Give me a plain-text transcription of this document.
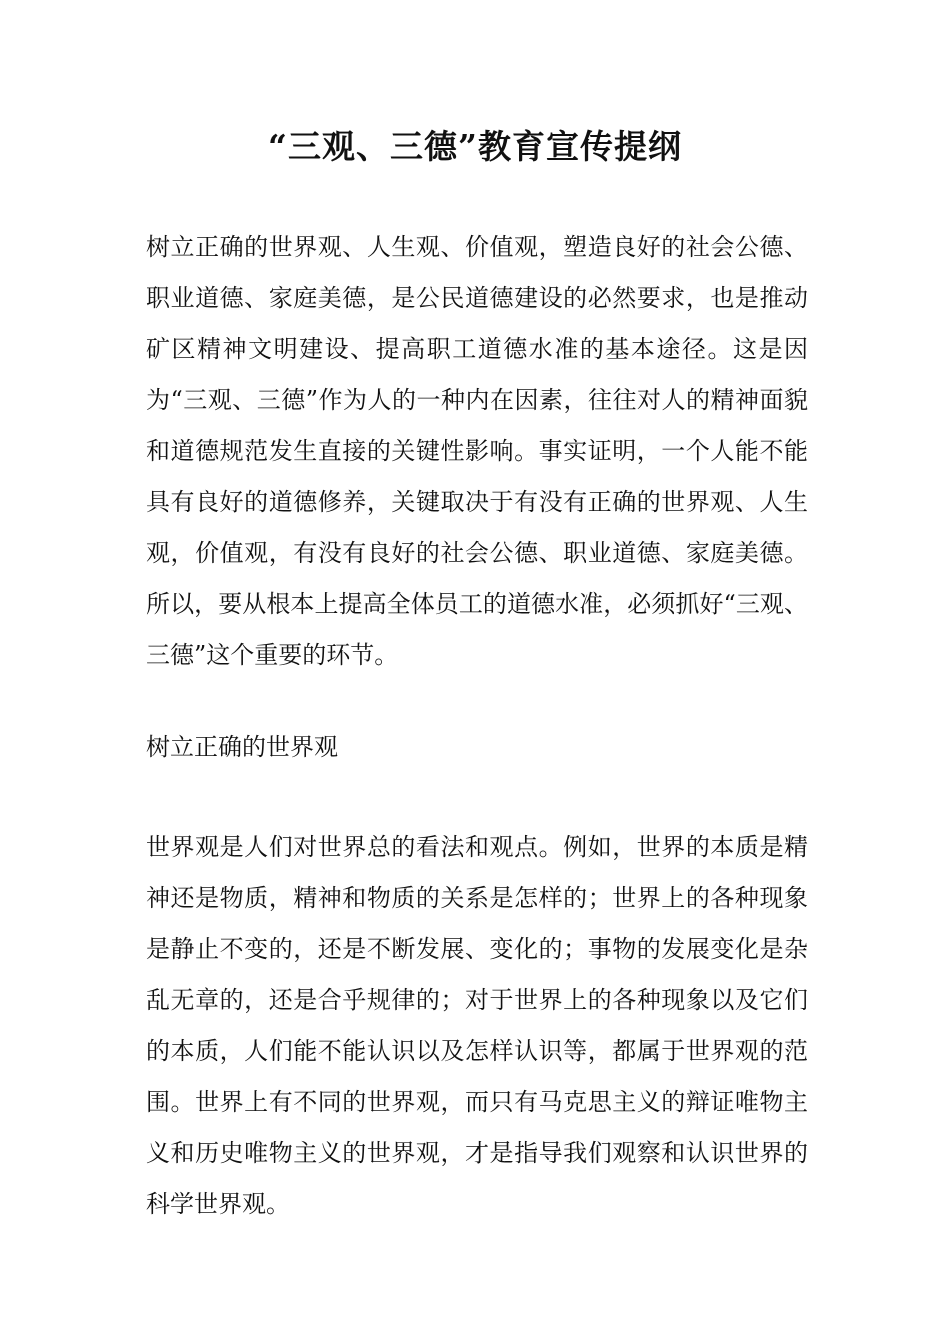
“三观、三德”教育宣传提纲

树立正确的世界观、人生观、价值观，塑造良好的社会公德、职业道德、家庭美德，是公民道德建设的必然要求，也是推动矿区精神文明建设、提高职工道德水准的基本途径。这是因为“三观、三德”作为人的一种内在因素，往往对人的精神面貌和道德规范发生直接的关键性影响。事实证明，一个人能不能具有良好的道德修养，关键取决于有没有正确的世界观、人生观，价值观，有没有良好的社会公德、职业道德、家庭美德。所以，要从根本上提高全体员工的道德水准，必须抓好“三观、三德”这个重要的环节。

树立正确的世界观

世界观是人们对世界总的看法和观点。例如，世界的本质是精神还是物质，精神和物质的关系是怎样的；世界上的各种现象是静止不变的，还是不断发展、变化的；事物的发展变化是杂乱无章的，还是合乎规律的；对于世界上的各种现象以及它们的本质，人们能不能认识以及怎样认识等，都属于世界观的范围。世界上有不同的世界观，而只有马克思主义的辩证唯物主义和历史唯物主义的世界观，才是指导我们观察和认识世界的科学世界观。
